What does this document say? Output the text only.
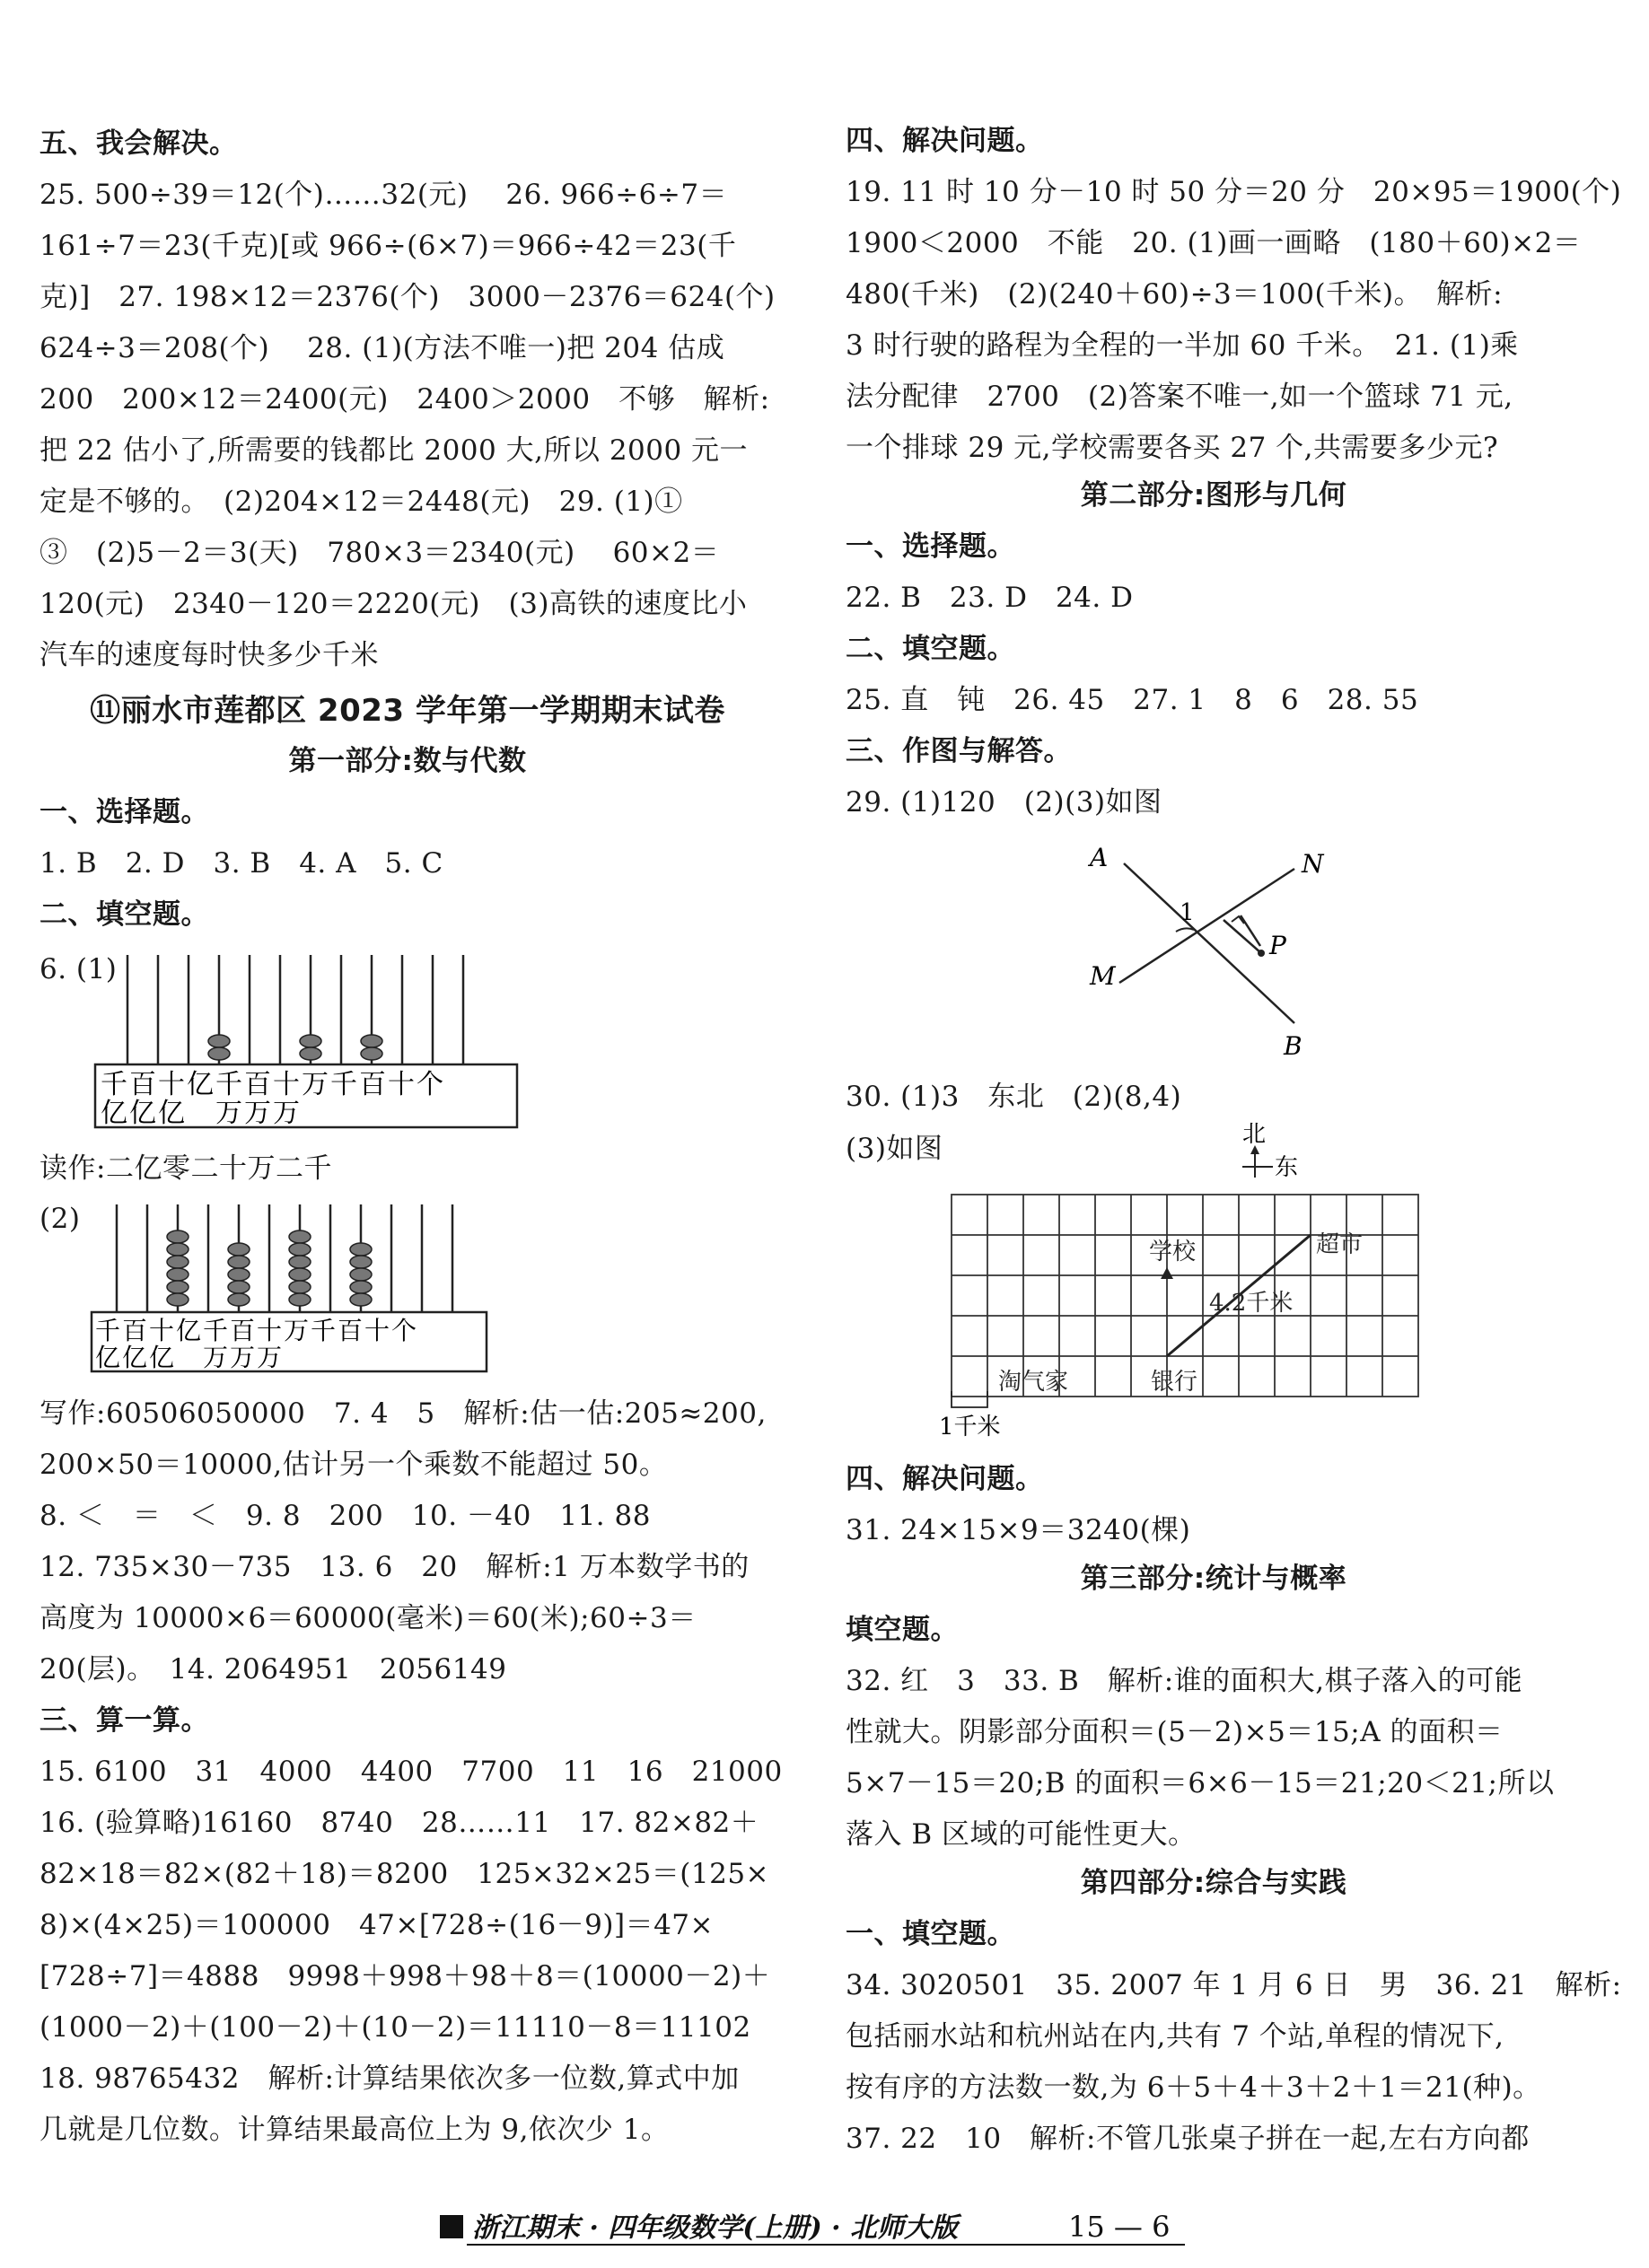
五、我会解决。
25. 500÷39＝12(个)……32(元)　 26. 966÷6÷7＝
161÷7＝23(千克)[或 966÷(6×7)＝966÷42＝23(千
克)]　27. 198×12＝2376(个)　3000－2376＝624(个)
624÷3＝208(个)　 28. (1)(方法不唯一)把 204 估成
200　200×12＝2400(元)　2400＞2000　不够　解析:
把 22 估小了,所需要的钱都比 2000 大,所以 2000 元一
定是不够的。　(2)204×12＝2448(元)　29. (1)①
③　(2)5－2＝3(天)　780×3＝2340(元)　 60×2＝
120(元)　2340－120＝2220(元)　(3)高铁的速度比小
汽车的速度每时快多少千米
⑪丽水市莲都区 2023 学年第一学期期末试卷
第一部分:数与代数
一、选择题。
1. B　2. D　3. B　4. A　5. C
二、填空题。
6. (1)
千百十亿千百十万千百十个
亿亿亿　万万万
读作:二亿零二十万二千
(2)
千百十亿千百十万千百十个
亿亿亿　万万万
写作:60506050000　7. 4　5　解析:估一估:205≈200,
200×50＝10000,估计另一个乘数不能超过 50。
8. ＜　＝　＜　9. 8　200　10. －40　11. 88
12. 735×30－735　13. 6　20　解析:1 万本数学书的
高度为 10000×6＝60000(毫米)＝60(米);60÷3＝
20(层)。　14. 2064951　2056149
三、算一算。
15. 6100　31　4000　4400　7700　11　16　21000
16. (验算略)16160　8740　28……11　17. 82×82＋
82×18＝82×(82＋18)＝8200　125×32×25＝(125×
8)×(4×25)＝100000　47×[728÷(16－9)]＝47×
[728÷7]＝4888　9998＋998＋98＋8＝(10000－2)＋
(1000－2)＋(100－2)＋(10－2)＝11110－8＝11102
18. 98765432　解析:计算结果依次多一位数,算式中加
几就是几位数。计算结果最高位上为 9,依次少 1。
四、解决问题。
19. 11 时 10 分－10 时 50 分＝20 分　20×95＝1900(个)
1900＜2000　不能　20. (1)画一画略　(180＋60)×2＝
480(千米)　(2)(240＋60)÷3＝100(千米)。　解析:
3 时行驶的路程为全程的一半加 60 千米。　21. (1)乘
法分配律　2700　(2)答案不唯一,如一个篮球 71 元,
一个排球 29 元,学校需要各买 27 个,共需要多少元?
第二部分:图形与几何
一、选择题。
22. B　23. D　24. D
二、填空题。
25. 直　钝　26. 45　27. 1　8　6　28. 55
三、作图与解答。
29. (1)120　(2)(3)如图
A	N
1
P
M
B
30. (1)3　东北　(2)(8,4)
(3)如图	北
东
学校	超市
4.2千米
淘气家	银行
1千米
四、解决问题。
31. 24×15×9＝3240(棵)
第三部分:统计与概率
填空题。
32. 红　3　33. B　解析:谁的面积大,棋子落入的可能
性就大。阴影部分面积＝(5－2)×5＝15;A 的面积＝
5×7－15＝20;B 的面积＝6×6－15＝21;20＜21;所以
落入 B 区域的可能性更大。
第四部分:综合与实践
一、填空题。
34. 3020501　35. 2007 年 1 月 6 日　男　36. 21　解析:
包括丽水站和杭州站在内,共有 7 个站,单程的情况下,
按有序的方法数一数,为 6＋5＋4＋3＋2＋1＝21(种)。
37. 22　10　解析:不管几张桌子拼在一起,左右方向都
浙江期末 · 四年级数学(上册) · 北师大版	15 — 6
